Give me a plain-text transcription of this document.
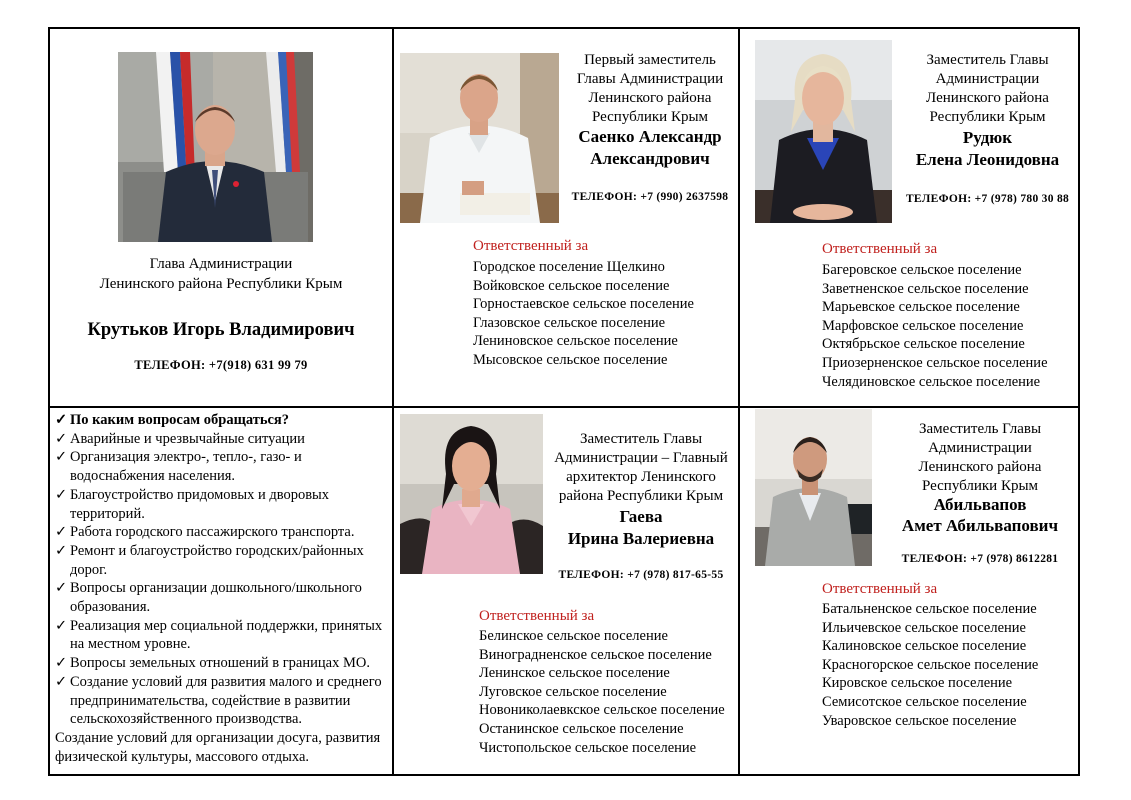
Глава Администрации
Ленинского района Республики Крым
Крутьков Игорь Владимирович
ТЕЛЕФОН: +7(918) 631 99 79
Первый заместитель
Главы Администрации
Ленинского района
Республики Крым
Саенко Александр
Александрович
ТЕЛЕФОН: +7 (990) 2637598
Ответственный за
Городское поселение Щелкино
Войковское сельское поселение
Горностаевское сельское поселение
Глазовское сельское поселение
Лениновское сельское поселение
Мысовское сельское поселение
Заместитель Главы
Администрации
Ленинского района
Республики Крым
Рудюк
Елена Леонидовна
ТЕЛЕФОН: +7 (978) 780 30 88
Ответственный за
Багеровское сельское поселение
Заветненское сельское поселение
Марьевское сельское поселение
Марфовское сельское поселение
Октябрьское сельское поселение
Приозерненское сельское поселение
Челядиновское сельское поселение
✓ По каким вопросам обращаться?
✓ Аварийные и чрезвычайные ситуации
✓ Организация электро-, тепло-, газо- и водоснабжения населения.
✓ Благоустройство придомовых и дворовых территорий.
✓ Работа городского пассажирского транспорта.
✓ Ремонт и благоустройство городских/районных дорог.
✓ Вопросы организации дошкольного/школьного образования.
✓ Реализация мер социальной поддержки, принятых на местном уровне.
✓ Вопросы земельных отношений в границах МО.
✓ Создание условий для развития малого и среднего предпринимательства, содействие в развитии сельскохозяйственного производства.
Создание условий для организации досуга, развития физической культуры, массового отдыха.
Заместитель Главы
Администрации – Главный
архитектор Ленинского
района Республики Крым
Гаева
Ирина Валериевна
ТЕЛЕФОН: +7 (978) 817-65-55
Ответственный за
Белинское сельское поселение
Виноградненское сельское поселение
Ленинское сельское поселение
Луговское сельское поселение
Новониколаевкское сельское поселение
Останинское сельское поселение
Чистопольское сельское поселение
Заместитель Главы
Администрации
Ленинского района
Республики Крым
Абильвапов
Амет Абильвапович
ТЕЛЕФОН: +7 (978) 8612281
Ответственный за
Батальненское сельское поселение
Ильичевское сельское поселение
Калиновское сельское поселение
Красногорское сельское поселение
Кировское сельское поселение
Семисотское сельское поселение
Уваровское сельское поселение
